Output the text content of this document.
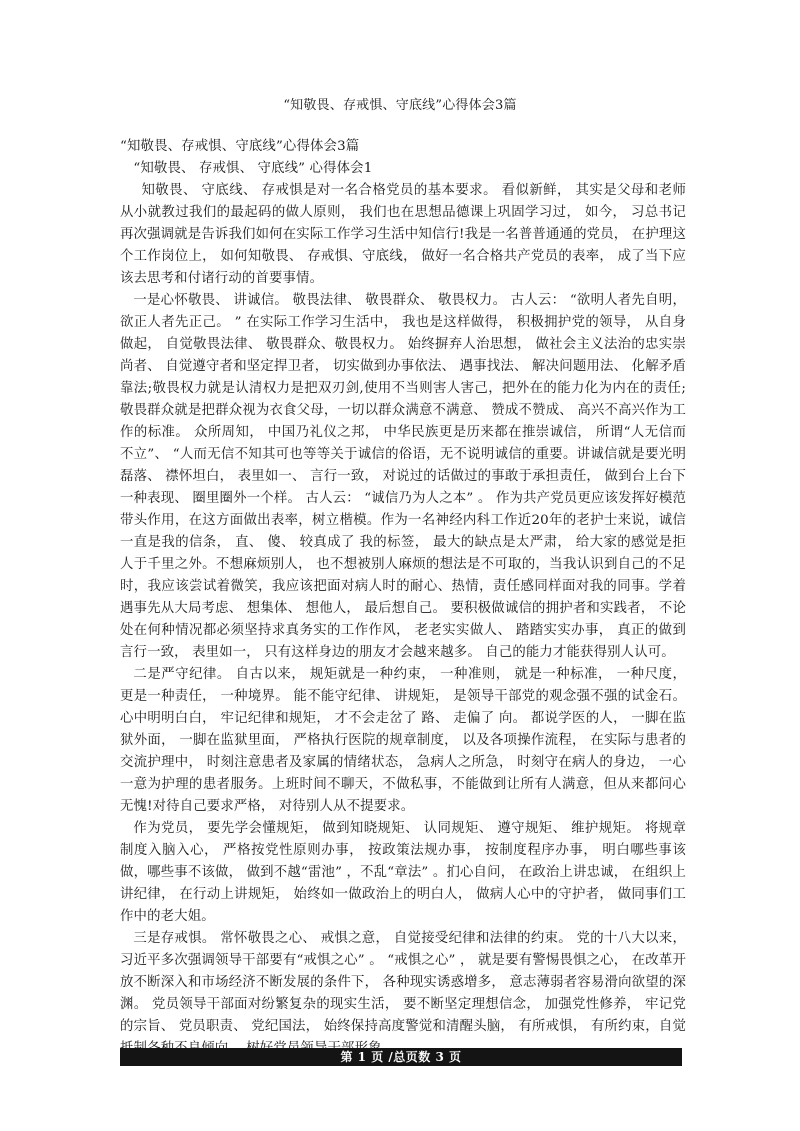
“知敬畏、存戒惧、守底线”心得体会3篇

“知敬畏、存戒惧、守底线”心得体会3篇

“知敬畏、 存戒惧、 守底线” 心得体会1

知敬畏、 守底线、 存戒惧是对一名合格党员的基本要求。 看似新鲜， 其实是父母和老师从小就教过我们的最起码的做人原则， 我们也在思想品德课上巩固学习过， 如今， 习总书记再次强调就是告诉我们如何在实际工作学习生活中知信行!我是一名普普通通的党员， 在护理这个工作岗位上， 如何知敬畏、 存戒惧、守底线， 做好一名合格共产党员的表率， 成了当下应该去思考和付诸行动的首要事情。

一是心怀敬畏、 讲诚信。 敬畏法律、 敬畏群众、 敬畏权力。 古人云： “欲明人者先自明，欲正人者先正己。 ” 在实际工作学习生活中， 我也是这样做得， 积极拥护党的领导， 从自身做起， 自觉敬畏法律、 敬畏群众、敬畏权力。 始终摒弃人治思想， 做社会主义法治的忠实崇尚者、 自觉遵守者和坚定捍卫者， 切实做到办事依法、 遇事找法、 解决问题用法、 化解矛盾靠法;敬畏权力就是认清权力是把双刃剑,使用不当则害人害己，把外在的能力化为内在的责任;敬畏群众就是把群众视为衣食父母，一切以群众满意不满意、 赞成不赞成、 高兴不高兴作为工作的标准。 众所周知， 中国乃礼仪之邦， 中华民族更是历来都在推崇诚信， 所谓“人无信而不立”、 “人而无信不知其可也等等关于诚信的俗语，无不说明诚信的重要。讲诚信就是要光明磊落、 襟怀坦白， 表里如一、 言行一致， 对说过的话做过的事敢于承担责任， 做到台上台下一种表现、 圈里圈外一个样。 古人云： “诚信乃为人之本” 。 作为共产党员更应该发挥好模范带头作用，在这方面做出表率，树立楷模。作为一名神经内科工作近20年的老护士来说，诚信一直是我的信条， 直、 傻、 较真成了 我的标签， 最大的缺点是太严肃， 给大家的感觉是拒人于千里之外。不想麻烦别人， 也不想被别人麻烦的想法是不可取的，当我认识到自己的不足时，我应该尝试着微笑，我应该把面对病人时的耐心、热情，责任感同样面对我的同事。学着遇事先从大局考虑、 想集体、 想他人， 最后想自己。 要积极做诚信的拥护者和实践者， 不论处在何种情况都必须坚持求真务实的工作作风， 老老实实做人、 踏踏实实办事， 真正的做到言行一致， 表里如一， 只有这样身边的朋友才会越来越多。 自己的能力才能获得别人认可。

二是严守纪律。 自古以来， 规矩就是一种约束， 一种准则， 就是一种标准， 一种尺度， 更是一种责任， 一种境界。 能不能守纪律、 讲规矩， 是领导干部党的观念强不强的试金石。 心中明明白白， 牢记纪律和规矩， 才不会走岔了 路、 走偏了 向。 都说学医的人， 一脚在监狱外面， 一脚在监狱里面， 严格执行医院的规章制度， 以及各项操作流程， 在实际与患者的交流护理中， 时刻注意患者及家属的情绪状态， 急病人之所急， 时刻守在病人的身边， 一心一意为护理的患者服务。上班时间不聊天，不做私事，不能做到让所有人满意，但从来都问心无愧!对待自己要求严格， 对待别人从不提要求。

作为党员， 要先学会懂规矩， 做到知晓规矩、 认同规矩、 遵守规矩、 维护规矩。 将规章制度入脑入心， 严格按党性原则办事， 按政策法规办事， 按制度程序办事， 明白哪些事该做，哪些事不该做， 做到不越“雷池” ，不乱“章法” 。扪心自问， 在政治上讲忠诚， 在组织上讲纪律， 在行动上讲规矩， 始终如一做政治上的明白人， 做病人心中的守护者， 做同事们工作中的老大姐。

三是存戒惧。 常怀敬畏之心、 戒惧之意， 自觉接受纪律和法律的约束。 党的十八大以来，习近平多次强调领导干部要有“戒惧之心” 。 “戒惧之心” ， 就是要有警惕畏惧之心， 在改革开放不断深入和市场经济不断发展的条件下， 各种现实诱惑增多， 意志薄弱者容易滑向欲望的深渊。 党员领导干部面对纷繁复杂的现实生活， 要不断坚定理想信念， 加强党性修养， 牢记党的宗旨、 党员职责、 党纪国法， 始终保持高度警觉和清醒头脑， 有所戒惧， 有所约束，自觉

第 1 页 /总页数 3 页
